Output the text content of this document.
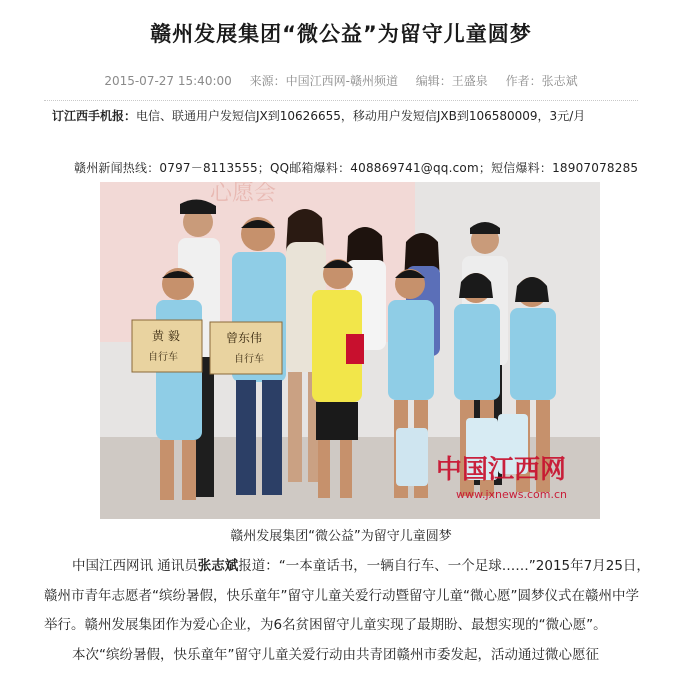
赣州发展集团“微公益”为留守儿童圆梦
2015-07-27 15:40:00 来源：中国江西网-赣州频道 编辑：王盛泉 作者：张志斌
订江西手机报：电信、联通用户发短信JX到10626655，移动用户发短信JXB到106580009，3元/月
赣州新闻热线：0797－8113555；QQ邮箱爆料：408869741@qq.com；短信爆料：18907078285
心愿会
黄 毅
自行车
曾东伟
自行车
中国江西网
www.jxnews.com.cn
赣州发展集团“微公益”为留守儿童圆梦

中国江西网讯 通讯员张志斌报道：“一本童话书，一辆自行车、一个足球……”2015年7月25日，赣州市青年志愿者“缤纷暑假，快乐童年”留守儿童关爱行动暨留守儿童“微心愿”圆梦仪式在赣州中学举行。赣州发展集团作为爱心企业，为6名贫困留守儿童实现了最期盼、最想实现的“微心愿”。

本次“缤纷暑假，快乐童年”留守儿童关爱行动由共青团赣州市委发起，活动通过微心愿征
